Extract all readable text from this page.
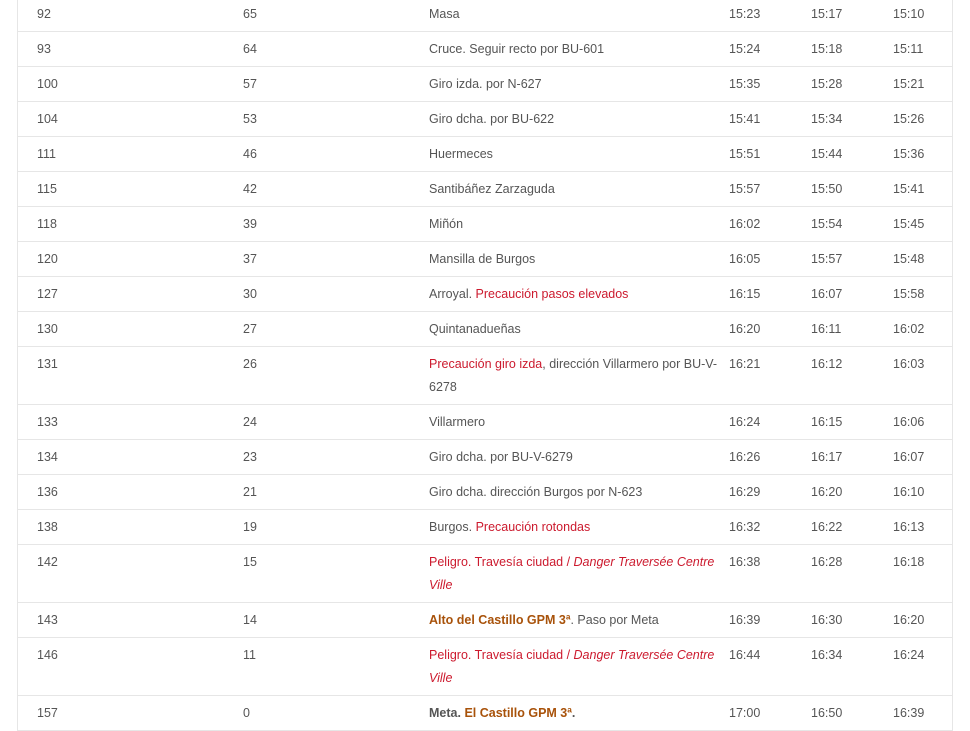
92	65	Masa	15:23	15:17	15:10
93	64	Cruce. Seguir recto por BU-601	15:24	15:18	15:11
100	57	Giro izda. por N-627	15:35	15:28	15:21
104	53	Giro dcha. por BU-622	15:41	15:34	15:26
111	46	Huermeces	15:51	15:44	15:36
115	42	Santibáñez Zarzaguda	15:57	15:50	15:41
118	39	Miñón	16:02	15:54	15:45
120	37	Mansilla de Burgos	16:05	15:57	15:48
127	30	Arroyal. Precaución pasos elevados	16:15	16:07	15:58
130	27	Quintanadueñas	16:20	16:11	16:02
131	26	Precaución giro izda, dirección Villarmero por BU-V-6278	16:21	16:12	16:03
133	24	Villarmero	16:24	16:15	16:06
134	23	Giro dcha. por BU-V-6279	16:26	16:17	16:07
136	21	Giro dcha. dirección Burgos por N-623	16:29	16:20	16:10
138	19	Burgos. Precaución rotondas	16:32	16:22	16:13
142	15	Peligro. Travesía ciudad / Danger Traversée Centre Ville	16:38	16:28	16:18
143	14	Alto del Castillo GPM 3ª. Paso por Meta	16:39	16:30	16:20
146	11	Peligro. Travesía ciudad / Danger Traversée Centre Ville	16:44	16:34	16:24
157	0	Meta. El Castillo GPM 3ª.	17:00	16:50	16:39
